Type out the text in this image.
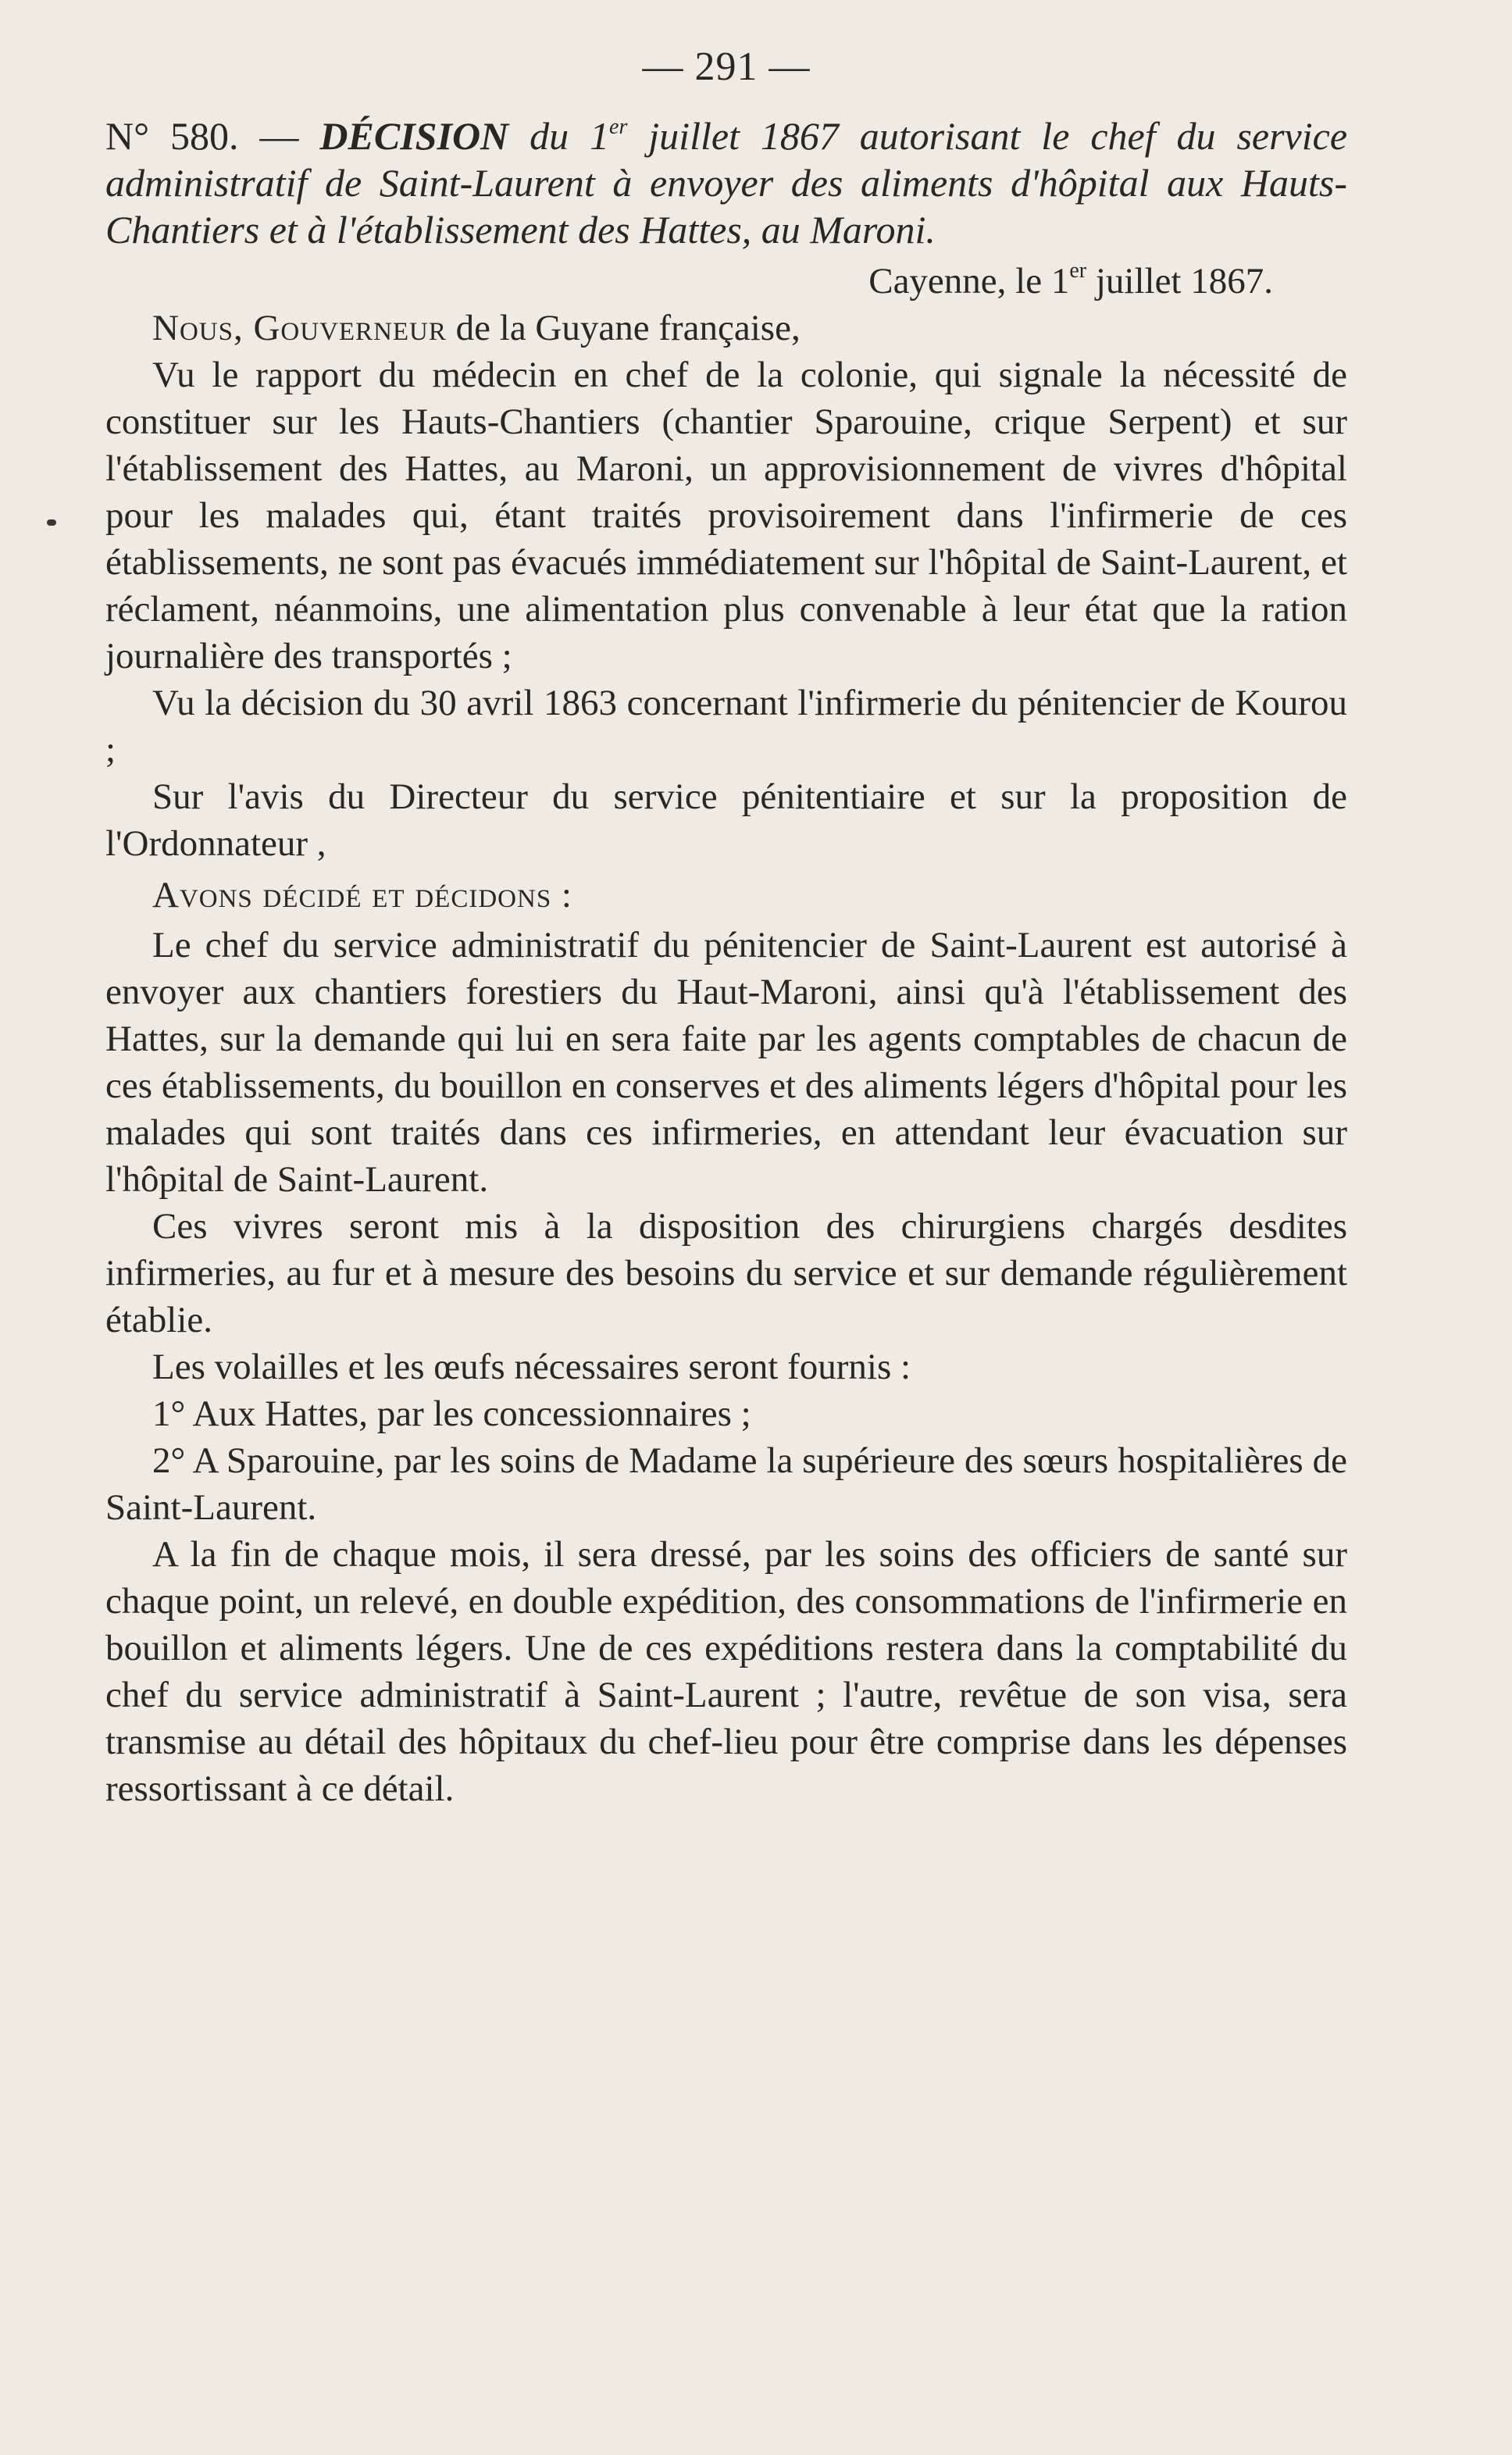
— 291 —

N° 580. — DÉCISION du 1er juillet 1867 autorisant le chef du service administratif de Saint-Laurent à envoyer des aliments d'hôpital aux Hauts-Chantiers et à l'établissement des Hattes, au Maroni.

Cayenne, le 1er juillet 1867.

Nous, Gouverneur de la Guyane française,

Vu le rapport du médecin en chef de la colonie, qui signale la nécessité de constituer sur les Hauts-Chantiers (chantier Sparouine, crique Serpent) et sur l'établissement des Hattes, au Maroni, un approvisionnement de vivres d'hôpital pour les malades qui, étant traités provisoirement dans l'infirmerie de ces établissements, ne sont pas évacués immédiatement sur l'hôpital de Saint-Laurent, et réclament, néanmoins, une alimentation plus convenable à leur état que la ration journalière des transportés ;

Vu la décision du 30 avril 1863 concernant l'infirmerie du pénitencier de Kourou ;

Sur l'avis du Directeur du service pénitentiaire et sur la proposition de l'Ordonnateur ,

Avons décidé et décidons :

Le chef du service administratif du pénitencier de Saint-Laurent est autorisé à envoyer aux chantiers forestiers du Haut-Maroni, ainsi qu'à l'établissement des Hattes, sur la demande qui lui en sera faite par les agents comptables de chacun de ces établissements, du bouillon en conserves et des aliments légers d'hôpital pour les malades qui sont traités dans ces infirmeries, en attendant leur évacuation sur l'hôpital de Saint-Laurent.

Ces vivres seront mis à la disposition des chirurgiens chargés desdites infirmeries, au fur et à mesure des besoins du service et sur demande régulièrement établie.

Les volailles et les œufs nécessaires seront fournis :

1° Aux Hattes, par les concessionnaires ;

2° A Sparouine, par les soins de Madame la supérieure des sœurs hospitalières de Saint-Laurent.

A la fin de chaque mois, il sera dressé, par les soins des officiers de santé sur chaque point, un relevé, en double expédition, des consommations de l'infirmerie en bouillon et aliments légers. Une de ces expéditions restera dans la comptabilité du chef du service administratif à Saint-Laurent ; l'autre, revêtue de son visa, sera transmise au détail des hôpitaux du chef-lieu pour être comprise dans les dépenses ressortissant à ce détail.
